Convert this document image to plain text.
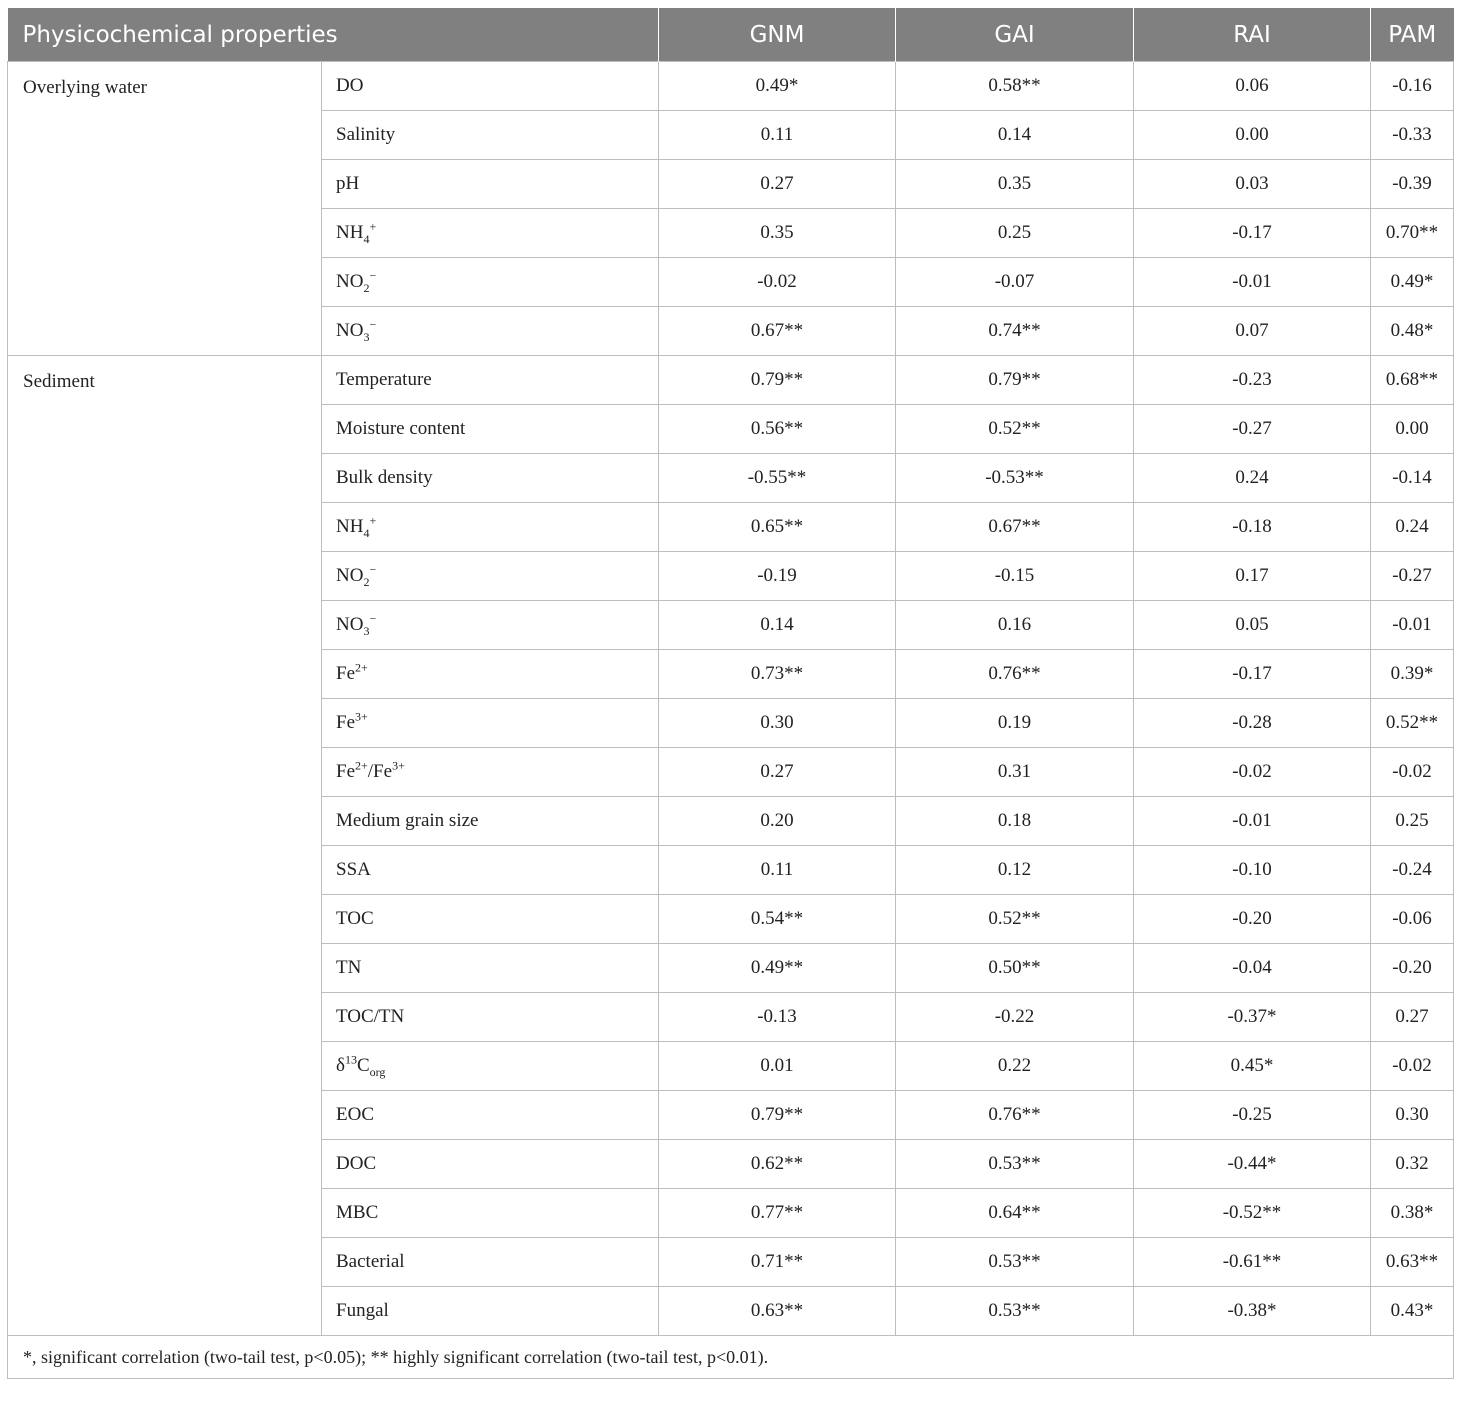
Physicochemical properties		GNM	GAI	RAI	PAM
Overlying water	DO	0.49*	0.58**	0.06	-0.16
	Salinity	0.11	0.14	0.00	-0.33
	pH	0.27	0.35	0.03	-0.39
	$NH_4^+$	0.35	0.25	-0.17	0.70**
	$NO_2^-$	-0.02	-0.07	-0.01	0.49*
	$NO_3^-$	0.67**	0.74**	0.07	0.48*
Sediment	Temperature	0.79**	0.79**	-0.23	0.68**
	Moisture content	0.56**	0.52**	-0.27	0.00
	Bulk density	-0.55**	-0.53**	0.24	-0.14
	$NH_4^+$	0.65**	0.67**	-0.18	0.24
	$NO_2^-$	-0.19	-0.15	0.17	-0.27
	$NO_3^-$	0.14	0.16	0.05	-0.01
	$Fe^{2+}$	0.73**	0.76**	-0.17	0.39*
	$Fe^{3+}$	0.30	0.19	-0.28	0.52**
	$Fe^{2+}/Fe^{3+}$	0.27	0.31	-0.02	-0.02
	Medium grain size	0.20	0.18	-0.01	0.25
	SSA	0.11	0.12	-0.10	-0.24
	TOC	0.54**	0.52**	-0.20	-0.06
	TN	0.49**	0.50**	-0.04	-0.20
	TOC/TN	-0.13	-0.22	-0.37*	0.27
	$\delta^{13}C_{org}$	0.01	0.22	0.45*	-0.02
	EOC	0.79**	0.76**	-0.25	0.30
	DOC	0.62**	0.53**	-0.44*	0.32
	MBC	0.77**	0.64**	-0.52**	0.38*
	Bacterial	0.71**	0.53**	-0.61**	0.63**
	Fungal	0.63**	0.53**	-0.38*	0.43*
*, significant correlation (two-tail test, p<0.05); ** highly significant correlation (two-tail test, p<0.01).					
